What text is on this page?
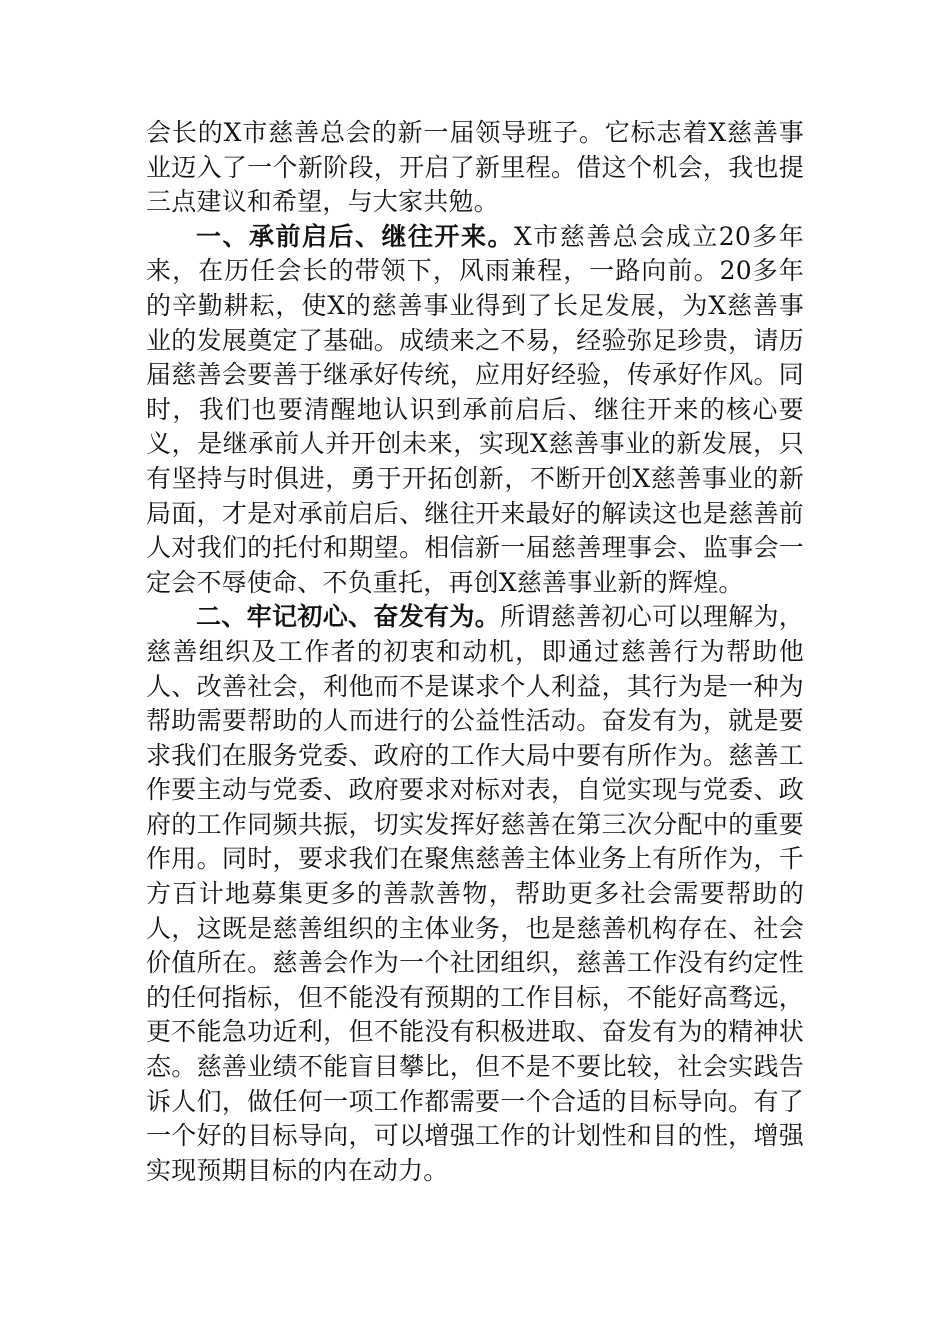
会长的X市慈善总会的新一届领导班子。它标志着X慈善事业迈入了一个新阶段，开启了新里程。借这个机会，我也提三点建议和希望，与大家共勉。

一、承前启后、继往开来。X市慈善总会成立20多年来，在历任会长的带领下，风雨兼程，一路向前。20多年的辛勤耕耘，使X的慈善事业得到了长足发展，为X慈善事业的发展奠定了基础。成绩来之不易，经验弥足珍贵，请历届慈善会要善于继承好传统，应用好经验，传承好作风。同时，我们也要清醒地认识到承前启后、继往开来的核心要义，是继承前人并开创未来，实现X慈善事业的新发展，只有坚持与时俱进，勇于开拓创新，不断开创X慈善事业的新局面，才是对承前启后、继往开来最好的解读这也是慈善前人对我们的托付和期望。相信新一届慈善理事会、监事会一定会不辱使命、不负重托，再创X慈善事业新的辉煌。

二、牢记初心、奋发有为。所谓慈善初心可以理解为，慈善组织及工作者的初衷和动机，即通过慈善行为帮助他人、改善社会，利他而不是谋求个人利益，其行为是一种为帮助需要帮助的人而进行的公益性活动。奋发有为，就是要求我们在服务党委、政府的工作大局中要有所作为。慈善工作要主动与党委、政府要求对标对表，自觉实现与党委、政府的工作同频共振，切实发挥好慈善在第三次分配中的重要作用。同时，要求我们在聚焦慈善主体业务上有所作为，千方百计地募集更多的善款善物，帮助更多社会需要帮助的人，这既是慈善组织的主体业务，也是慈善机构存在、社会价值所在。慈善会作为一个社团组织，慈善工作没有约定性的任何指标，但不能没有预期的工作目标，不能好高骛远，更不能急功近利，但不能没有积极进取、奋发有为的精神状态。慈善业绩不能盲目攀比，但不是不要比较，社会实践告诉人们，做任何一项工作都需要一个合适的目标导向。有了一个好的目标导向，可以增强工作的计划性和目的性，增强实现预期目标的内在动力。
